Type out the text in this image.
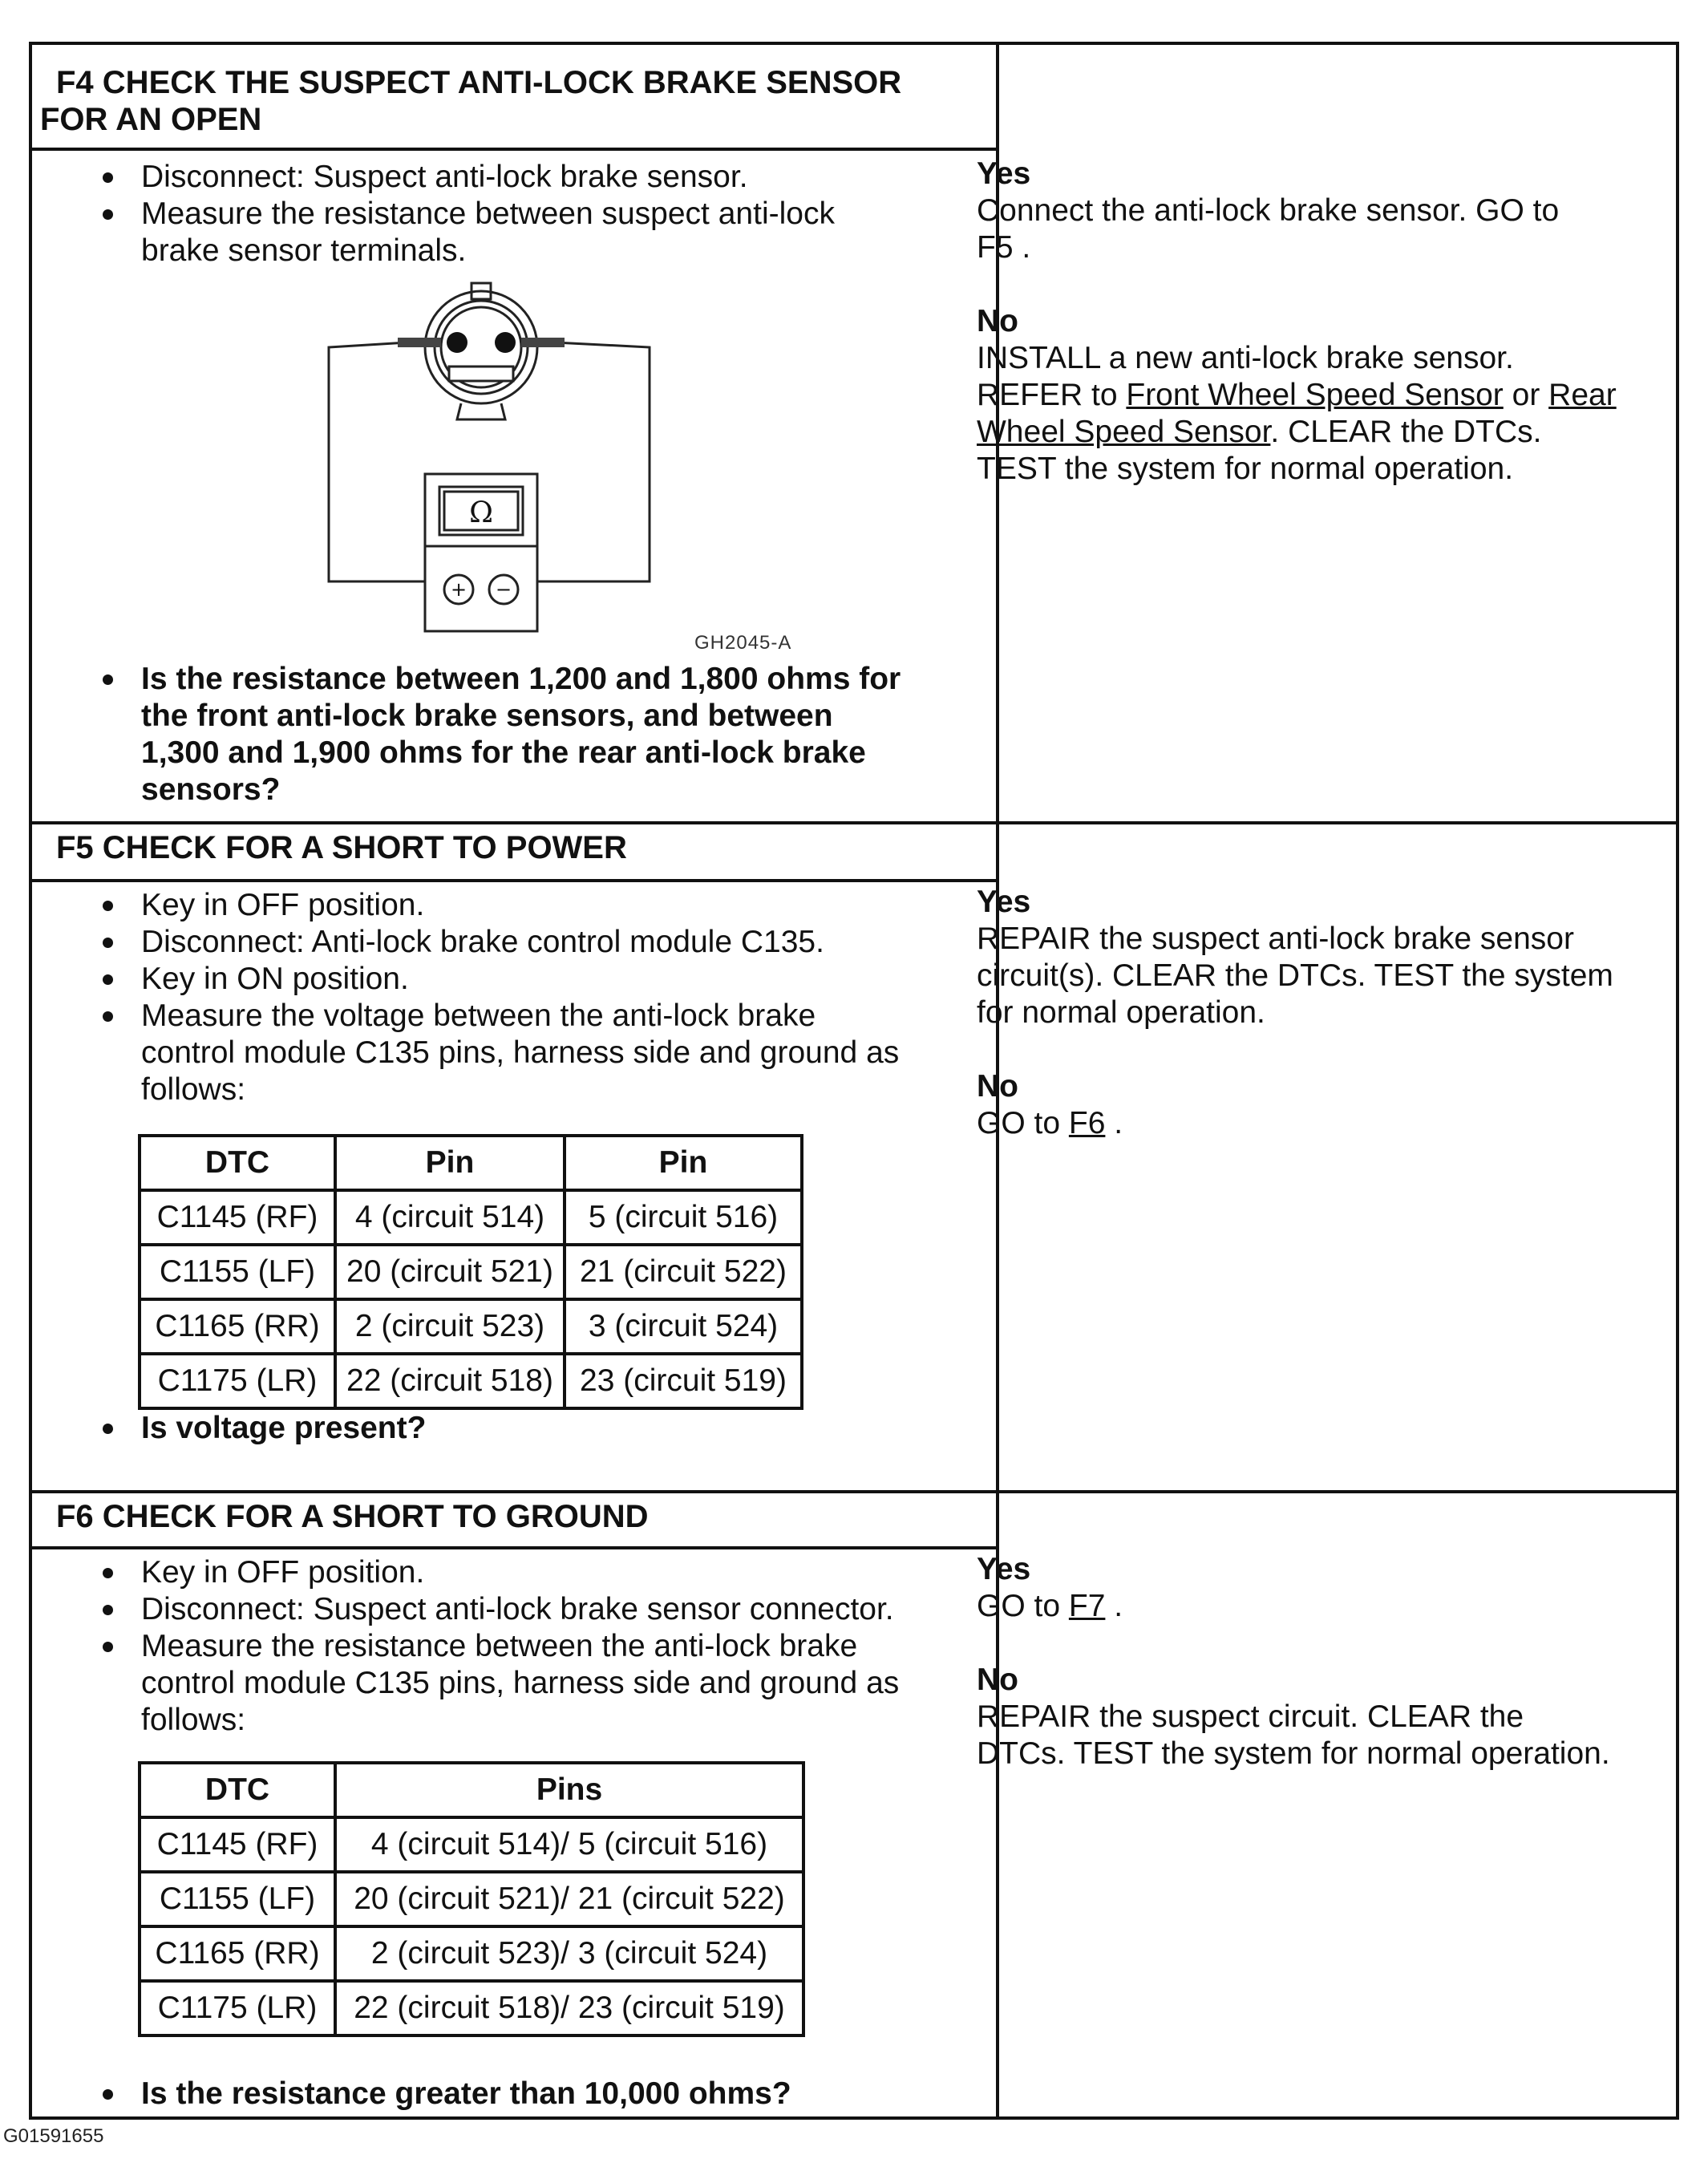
F4 CHECK THE SUSPECT ANTI-LOCK BRAKE SENSOR
FOR AN OPEN
Disconnect: Suspect anti-lock brake sensor.
Measure the resistance between suspect anti-lock
brake sensor terminals.
Ω
+ −
GH2045-A
Is the resistance between 1,200 and 1,800 ohms for
the front anti-lock brake sensors, and between
1,300 and 1,900 ohms for the rear anti-lock brake
sensors?

Yes

Connect the anti-lock brake sensor. GO to

F5 .

No

INSTALL a new anti-lock brake sensor.

REFER to Front Wheel Speed Sensor or Rear

Wheel Speed Sensor. CLEAR the DTCs.

TEST the system for normal operation.

F5 CHECK FOR A SHORT TO POWER
Key in OFF position.
Disconnect: Anti-lock brake control module C135.
Key in ON position.
Measure the voltage between the anti-lock brake
control module C135 pins, harness side and ground as
follows:
DTC	Pin	Pin
C1145 (RF)	4 (circuit 514)	5 (circuit 516)
C1155 (LF)	20 (circuit 521)	21 (circuit 522)
C1165 (RR)	2 (circuit 523)	3 (circuit 524)
C1175 (LR)	22 (circuit 518)	23 (circuit 519)
Is voltage present?

Yes

REPAIR the suspect anti-lock brake sensor

circuit(s). CLEAR the DTCs. TEST the system

for normal operation.

No

GO to F6 .

F6 CHECK FOR A SHORT TO GROUND
Key in OFF position.
Disconnect: Suspect anti-lock brake sensor connector.
Measure the resistance between the anti-lock brake
control module C135 pins, harness side and ground as
follows:
DTC	Pins
C1145 (RF)	4 (circuit 514)/ 5 (circuit 516)
C1155 (LF)	20 (circuit 521)/ 21 (circuit 522)
C1165 (RR)	2 (circuit 523)/ 3 (circuit 524)
C1175 (LR)	22 (circuit 518)/ 23 (circuit 519)
Is the resistance greater than 10,000 ohms?

Yes

GO to F7 .

No

REPAIR the suspect circuit. CLEAR the

DTCs. TEST the system for normal operation.

G01591655
